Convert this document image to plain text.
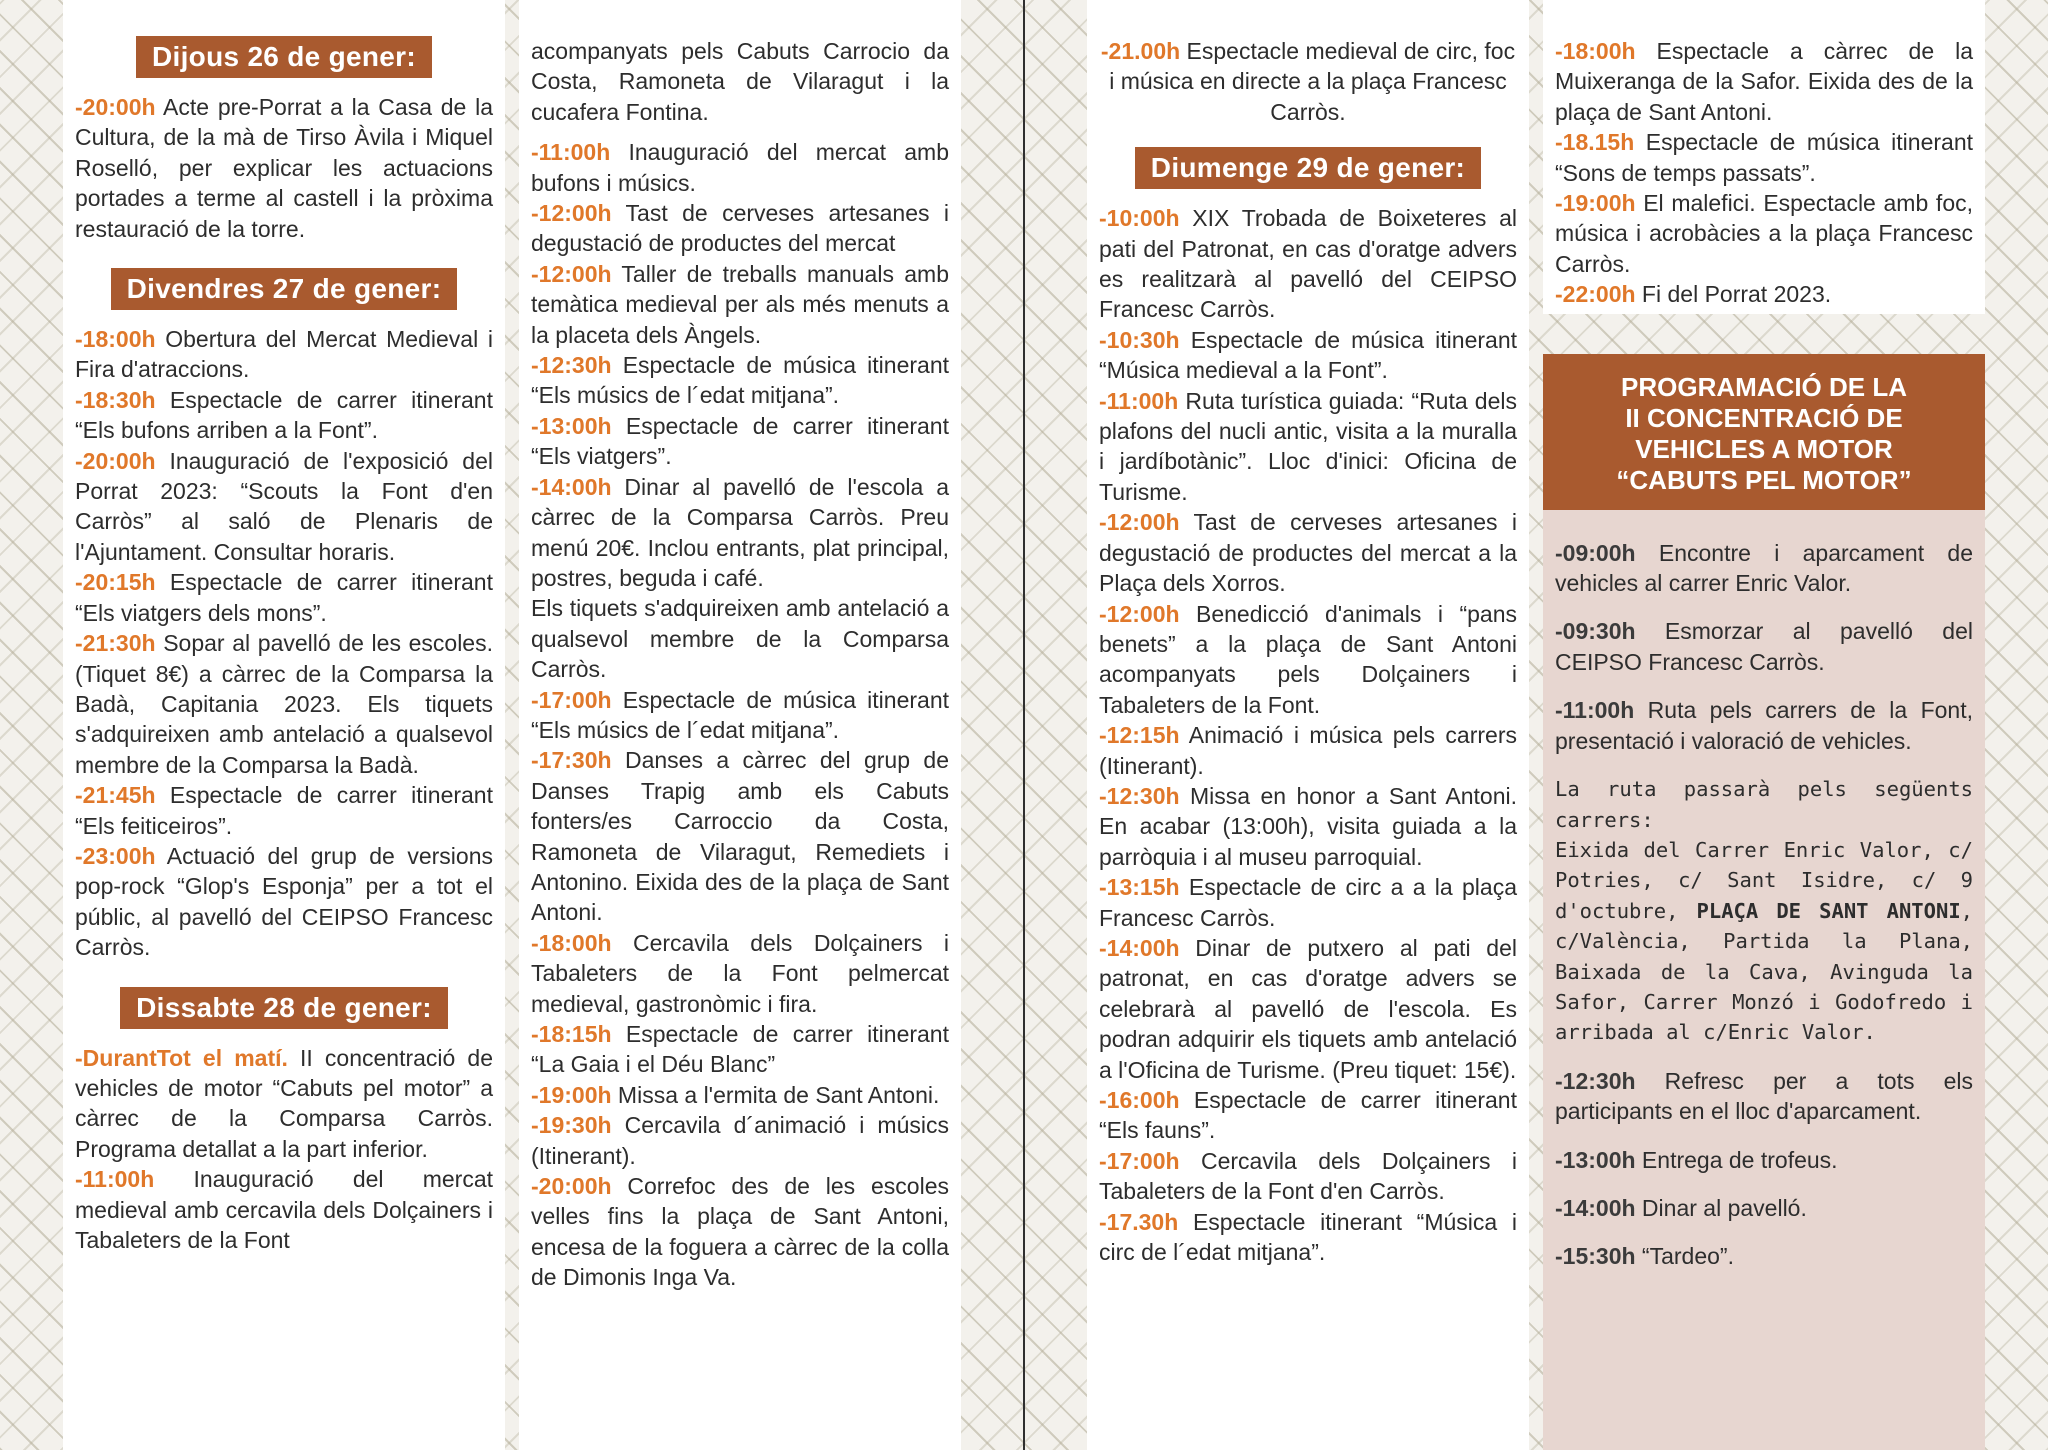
Dijous 26 de gener:

-20:00h Acte pre-Porrat a la Casa de la Cultura, de la mà de Tirso Àvila i Miquel Roselló, per explicar les actuacions portades a terme al castell i la pròxima restauració de la torre.

Divendres 27 de gener:

-18:00h Obertura del Mercat Medieval i Fira d'atraccions.

-18:30h Espectacle de carrer itinerant “Els bufons arriben a la Font”.

-20:00h Inauguració de l'exposició del Porrat 2023: “Scouts la Font d'en Carròs” al saló de Plenaris de l'Ajuntament. Consultar horaris.

-20:15h Espectacle de carrer itinerant “Els viatgers dels mons”.

-21:30h Sopar al pavelló de les escoles. (Tiquet 8€) a càrrec de la Comparsa la Badà, Capitania 2023. Els tiquets s'adquireixen amb antelació a qualsevol membre de la Comparsa la Badà.

-21:45h Espectacle de carrer itinerant “Els feiticeiros”.

-23:00h Actuació del grup de versions pop-rock “Glop's Esponja” per a tot el públic, al pavelló del CEIPSO Francesc Carròs.

Dissabte 28 de gener:

-DurantTot el matí. II concentració de vehicles de motor “Cabuts pel motor” a càrrec de la Comparsa Carròs. Programa detallat a la part inferior.

-11:00h Inauguració del mercat medieval amb cercavila dels Dolçainers i Tabaleters de la Font

acompanyats pels Cabuts Carrocio da Costa, Ramoneta de Vilaragut i la cucafera Fontina.

-11:00h Inauguració del mercat amb bufons i músics.

-12:00h Tast de cerveses artesanes i degustació de productes del mercat

-12:00h Taller de treballs manuals amb temàtica medieval per als més menuts a la placeta dels Àngels.

-12:30h Espectacle de música itinerant “Els músics de l´edat mitjana”.

-13:00h Espectacle de carrer itinerant “Els viatgers”.

-14:00h Dinar al pavelló de l'escola a càrrec de la Comparsa Carròs. Preu menú 20€. Inclou entrants, plat principal, postres, beguda i café.

Els tiquets s'adquireixen amb antelació a qualsevol membre de la Comparsa Carròs.

-17:00h Espectacle de música itinerant “Els músics de l´edat mitjana”.

-17:30h Danses a càrrec del grup de Danses Trapig amb els Cabuts fonters/es Carroccio da Costa, Ramoneta de Vilaragut, Remediets i Antonino. Eixida des de la plaça de Sant Antoni.

-18:00h Cercavila dels Dolçainers i Tabaleters de la Font pelmercat medieval, gastronòmic i fira.

-18:15h Espectacle de carrer itinerant “La Gaia i el Déu Blanc”

-19:00h Missa a l'ermita de Sant Antoni.

-19:30h Cercavila d´animació i músics (Itinerant).

-20:00h Correfoc des de les escoles velles fins la plaça de Sant Antoni, encesa de la foguera a càrrec de la colla de Dimonis Inga Va.

-21.00h Espectacle medieval de circ, foc i música en directe a la plaça Francesc Carròs.

Diumenge 29 de gener:

-10:00h XIX Trobada de Boixeteres al pati del Patronat, en cas d'oratge advers es realitzarà al pavelló del CEIPSO Francesc Carròs.

-10:30h Espectacle de música itinerant “Música medieval a la Font”.

-11:00h Ruta turística guiada: “Ruta dels plafons del nucli antic, visita a la muralla i jardíbotànic”. Lloc d'inici: Oficina de Turisme.

-12:00h Tast de cerveses artesanes i degustació de productes del mercat a la Plaça dels Xorros.

-12:00h Benedicció d'animals i “pans benets” a la plaça de Sant Antoni acompanyats pels Dolçainers i Tabaleters de la Font.

-12:15h Animació i música pels carrers (Itinerant).

-12:30h Missa en honor a Sant Antoni. En acabar (13:00h), visita guiada a la parròquia i al museu parroquial.

-13:15h Espectacle de circ a a la plaça Francesc Carròs.

-14:00h Dinar de putxero al pati del patronat, en cas d'oratge advers se celebrarà al pavelló de l'escola. Es podran adquirir els tiquets amb antelació a l'Oficina de Turisme. (Preu tiquet: 15€).

-16:00h Espectacle de carrer itinerant “Els fauns”.

-17:00h Cercavila dels Dolçainers i Tabaleters de la Font d'en Carròs.

-17.30h Espectacle itinerant “Música i circ de l´edat mitjana”.

-18:00h Espectacle a càrrec de la Muixeranga de la Safor. Eixida des de la plaça de Sant Antoni.

-18.15h Espectacle de música itinerant “Sons de temps passats”.

-19:00h El malefici. Espectacle amb foc, música i acrobàcies a la plaça Francesc Carròs.

-22:00h Fi del Porrat 2023.

PROGRAMACIÓ DE LA
II CONCENTRACIÓ DE
VEHICLES A MOTOR
“CABUTS PEL MOTOR”

-09:00h Encontre i aparcament de vehicles al carrer Enric Valor.

-09:30h Esmorzar al pavelló del CEIPSO Francesc Carròs.

-11:00h Ruta pels carrers de la Font, presentació i valoració de vehicles.

La ruta passarà pels següents carrers:
Eixida del Carrer Enric Valor, c/ Potries, c/ Sant Isidre, c/ 9 d'octubre, PLAÇA DE SANT ANTONI, c/València, Partida la Plana, Baixada de la Cava, Avinguda la Safor, Carrer Monzó i Godofredo i arribada al c/Enric Valor.

-12:30h Refresc per a tots els participants en el lloc d'aparcament.

-13:00h Entrega de trofeus.

-14:00h Dinar al pavelló.

-15:30h “Tardeo”.
